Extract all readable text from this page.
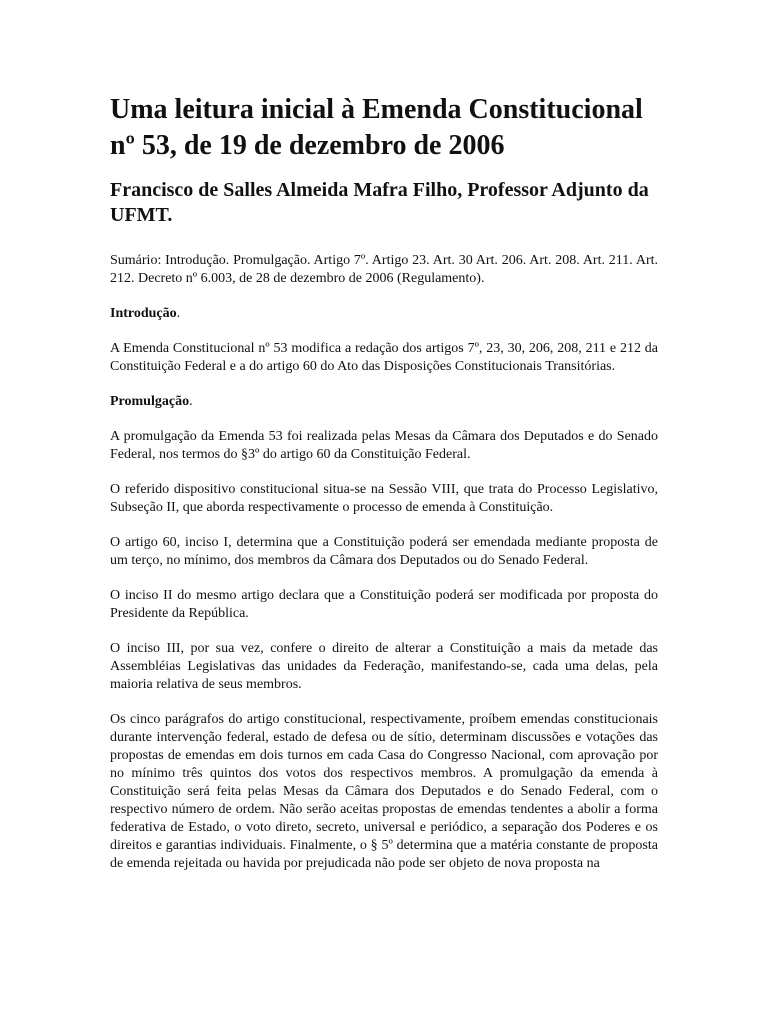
Uma leitura inicial à Emenda Constitucional nº 53, de 19 de dezembro de 2006
Francisco de Salles Almeida Mafra Filho, Professor Adjunto da UFMT.

Sumário: Introdução. Promulgação. Artigo 7º. Artigo 23. Art. 30 Art. 206. Art. 208. Art. 211. Art. 212. Decreto nº 6.003, de 28 de dezembro de 2006 (Regulamento).

Introdução.

A Emenda Constitucional nº 53 modifica a redação dos artigos 7º, 23, 30, 206, 208, 211 e 212 da Constituição Federal e a do artigo 60 do Ato das Disposições Constitucionais Transitórias.

Promulgação.

A promulgação da Emenda 53 foi realizada pelas Mesas da Câmara dos Deputados e do Senado Federal, nos termos do §3º do artigo 60 da Constituição Federal.

O referido dispositivo constitucional situa-se na Sessão VIII, que trata do Processo Legislativo, Subseção II, que aborda respectivamente o processo de emenda à Constituição.

O artigo 60, inciso I, determina que a Constituição poderá ser emendada mediante proposta de um terço, no mínimo, dos membros da Câmara dos Deputados ou do Senado Federal.

O inciso II do mesmo artigo declara que a Constituição poderá ser modificada por proposta do Presidente da República.

O inciso III, por sua vez, confere o direito de alterar a Constituição a mais da metade das Assembléias Legislativas das unidades da Federação, manifestando-se, cada uma delas, pela maioria relativa de seus membros.

Os cinco parágrafos do artigo constitucional, respectivamente, proíbem emendas constitucionais durante intervenção federal, estado de defesa ou de sítio, determinam discussões e votações das propostas de emendas em dois turnos em cada Casa do Congresso Nacional, com aprovação por no mínimo três quintos dos votos dos respectivos membros. A promulgação da emenda à Constituição será feita pelas Mesas da Câmara dos Deputados e do Senado Federal, com o respectivo número de ordem. Não serão aceitas propostas de emendas tendentes a abolir a forma federativa de Estado, o voto direto, secreto, universal e periódico, a separação dos Poderes e os direitos e garantias individuais. Finalmente, o § 5º determina que a matéria constante de proposta de emenda rejeitada ou havida por prejudicada não pode ser objeto de nova proposta na
